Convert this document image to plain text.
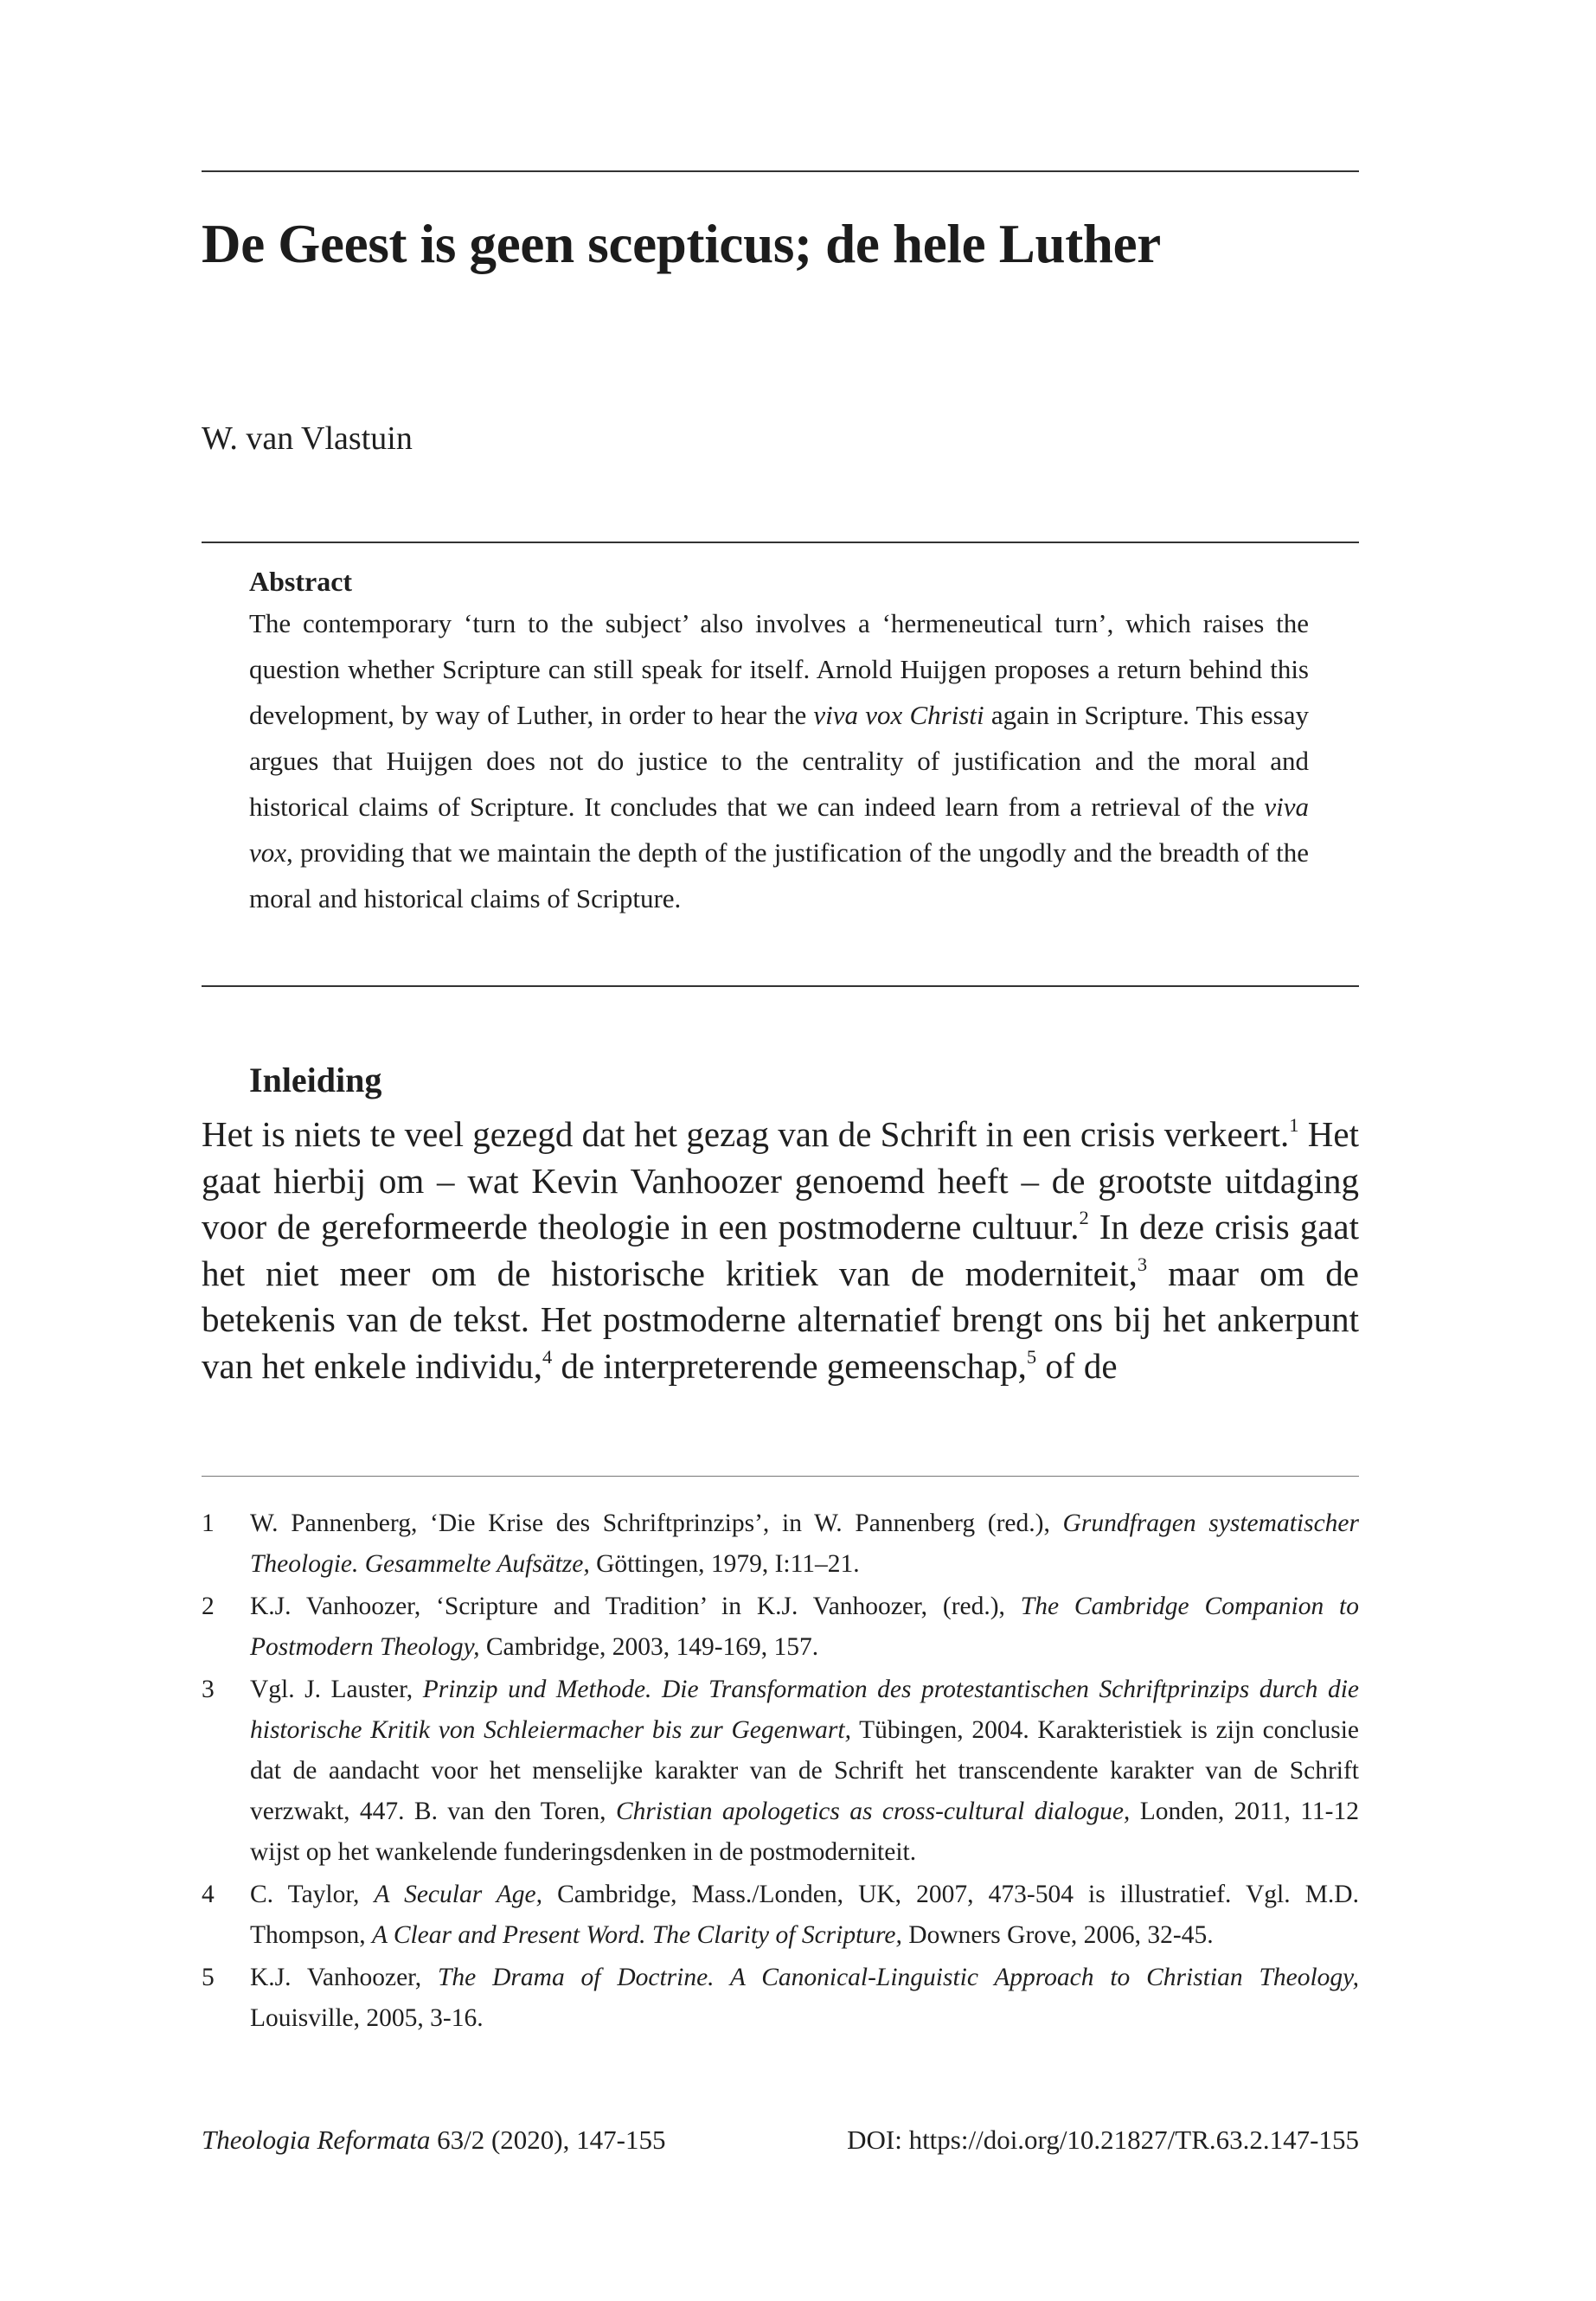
De Geest is geen scepticus; de hele Luther

W. van Vlastuin

Abstract

The contemporary ‘turn to the subject’ also involves a ‘hermeneutical turn’, which raises the question whether Scripture can still speak for itself. Arnold Huijgen proposes a return behind this development, by way of Luther, in order to hear the viva vox Christi again in Scripture. This essay argues that Huijgen does not do justice to the centrality of justification and the moral and historical claims of Scripture. It concludes that we can indeed learn from a retrieval of the viva vox, providing that we maintain the depth of the justification of the ungodly and the breadth of the moral and historical claims of Scripture.

Inleiding

Het is niets te veel gezegd dat het gezag van de Schrift in een crisis verkeert.$^1$ Het gaat hierbij om – wat Kevin Vanhoozer genoemd heeft – de grootste uitdaging voor de gereformeerde theologie in een postmoderne cultuur.$^2$ In deze crisis gaat het niet meer om de historische kritiek van de moderniteit,$^3$ maar om de betekenis van de tekst. Het postmoderne alternatief brengt ons bij het ankerpunt van het enkele individu,$^4$ de interpreterende gemeenschap,$^5$ of de

1	W. Pannenberg, ‘Die Krise des Schriftprinzips’, in W. Pannenberg (red.), Grundfragen systematischer Theologie. Gesammelte Aufsätze, Göttingen, 1979, I:11–21.
2	K.J. Vanhoozer, ‘Scripture and Tradition’ in K.J. Vanhoozer, (red.), The Cambridge Companion to Postmodern Theology, Cambridge, 2003, 149-169, 157.
3	Vgl. J. Lauster, Prinzip und Methode. Die Transformation des protestantischen Schriftprinzips durch die historische Kritik von Schleiermacher bis zur Gegenwart, Tübingen, 2004. Karakteristiek is zijn conclusie dat de aandacht voor het menselijke karakter van de Schrift het transcendente karakter van de Schrift verzwakt, 447. B. van den Toren, Christian apologetics as cross-cultural dialogue, Londen, 2011, 11-12 wijst op het wankelende funderingsdenken in de postmoderniteit.
4	C. Taylor, A Secular Age, Cambridge, Mass./Londen, UK, 2007, 473-504 is illustratief. Vgl. M.D. Thompson, A Clear and Present Word. The Clarity of Scripture, Downers Grove, 2006, 32-45.
5	K.J. Vanhoozer, The Drama of Doctrine. A Canonical-Linguistic Approach to Christian Theology, Louisville, 2005, 3-16.
Theologia Reformata 63/2 (2020), 147-155	DOI: https://doi.org/10.21827/TR.63.2.147-155
